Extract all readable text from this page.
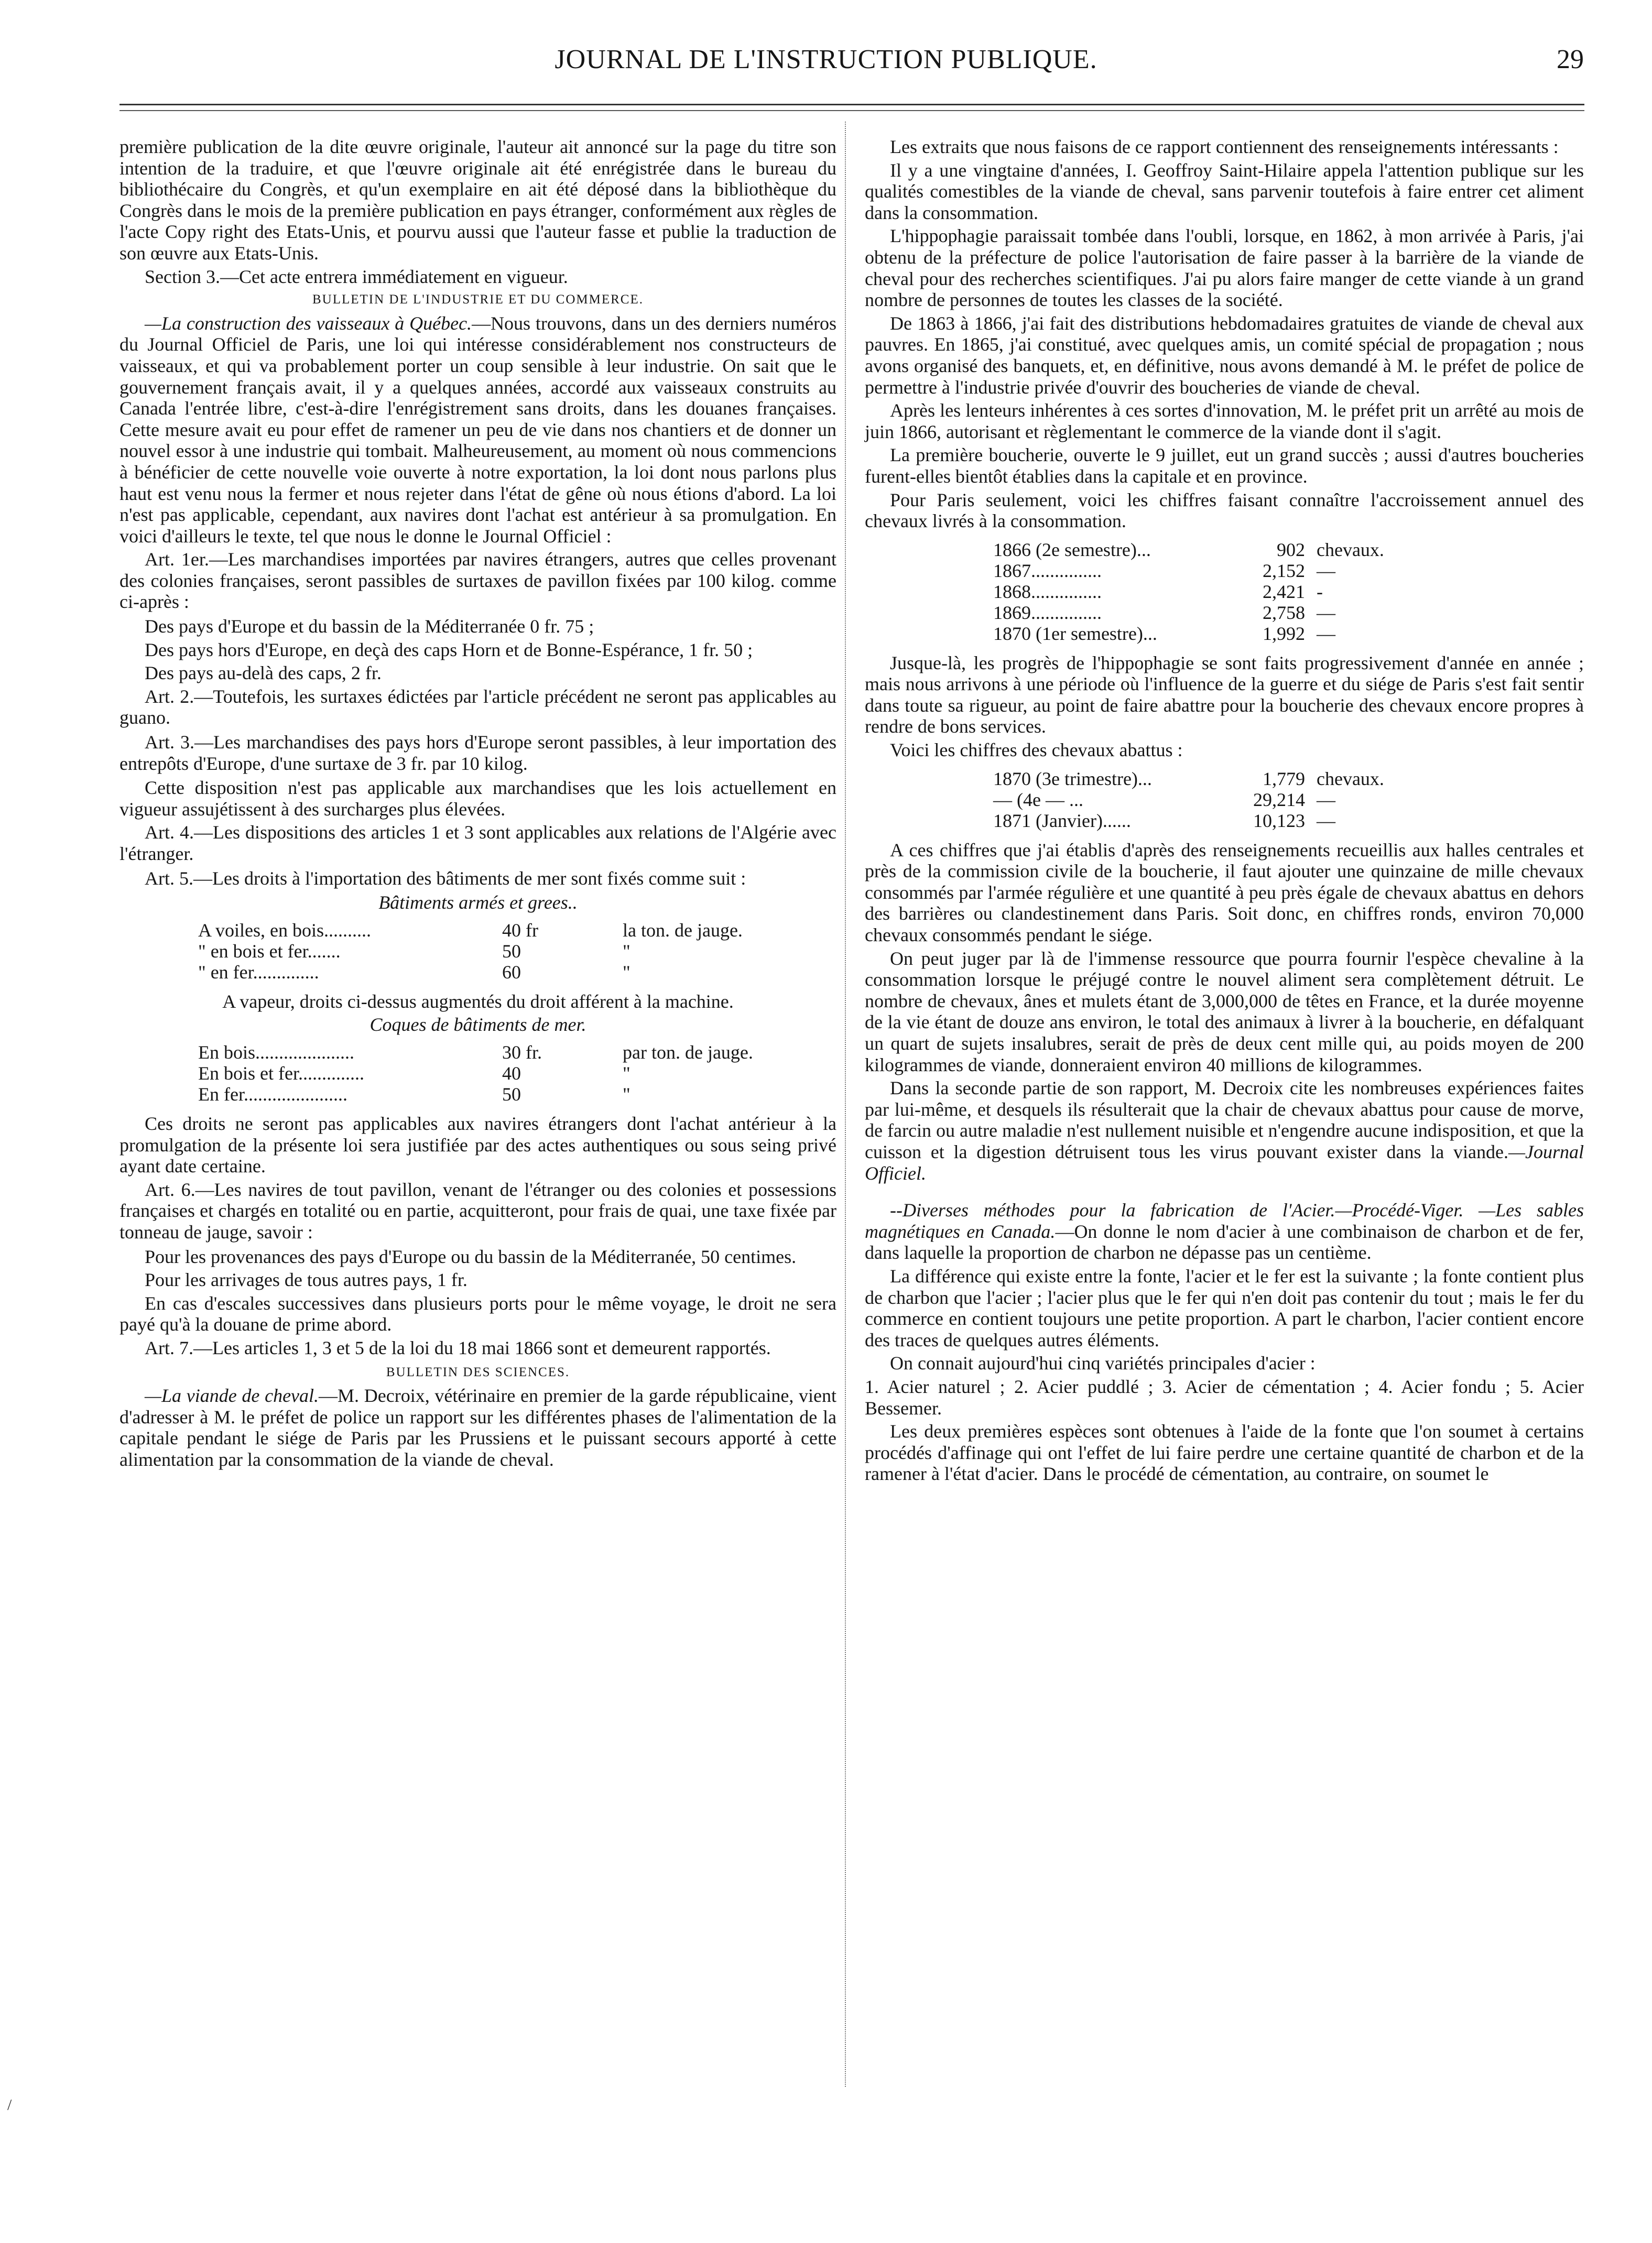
JOURNAL DE L'INSTRUCTION PUBLIQUE.	29

première publication de la dite œuvre originale, l'auteur ait annoncé sur la page du titre son intention de la traduire, et que l'œuvre originale ait été enrégistrée dans le bureau du bibliothécaire du Congrès, et qu'un exemplaire en ait été déposé dans la bibliothèque du Congrès dans le mois de la première publication en pays étranger, conformément aux règles de l'acte Copy right des Etats-Unis, et pourvu aussi que l'auteur fasse et publie la traduction de son œuvre aux Etats-Unis.

Section 3.—Cet acte entrera immédiatement en vigueur.

BULLETIN DE L'INDUSTRIE ET DU COMMERCE.

—La construction des vaisseaux à Québec.—Nous trouvons, dans un des derniers numéros du Journal Officiel de Paris, une loi qui intéresse considérablement nos constructeurs de vaisseaux, et qui va probablement porter un coup sensible à leur industrie. On sait que le gouvernement français avait, il y a quelques années, accordé aux vaisseaux construits au Canada l'entrée libre, c'est-à-dire l'enrégistrement sans droits, dans les douanes françaises. Cette mesure avait eu pour effet de ramener un peu de vie dans nos chantiers et de donner un nouvel essor à une industrie qui tombait. Malheureusement, au moment où nous commencions à bénéficier de cette nouvelle voie ouverte à notre exportation, la loi dont nous parlons plus haut est venu nous la fermer et nous rejeter dans l'état de gêne où nous étions d'abord. La loi n'est pas applicable, cependant, aux navires dont l'achat est antérieur à sa promulgation. En voici d'ailleurs le texte, tel que nous le donne le Journal Officiel :

Art. 1er.—Les marchandises importées par navires étrangers, autres que celles provenant des colonies françaises, seront passibles de surtaxes de pavillon fixées par 100 kilog. comme ci-après :

Des pays d'Europe et du bassin de la Méditerranée 0 fr. 75 ;

Des pays hors d'Europe, en deçà des caps Horn et de Bonne-Espérance, 1 fr. 50 ;

Des pays au-delà des caps, 2 fr.

Art. 2.—Toutefois, les surtaxes édictées par l'article précédent ne seront pas applicables au guano.

Art. 3.—Les marchandises des pays hors d'Europe seront passibles, à leur importation des entrepôts d'Europe, d'une surtaxe de 3 fr. par 10 kilog.

Cette disposition n'est pas applicable aux marchandises que les lois actuellement en vigueur assujétissent à des surcharges plus élevées.

Art. 4.—Les dispositions des articles 1 et 3 sont applicables aux relations de l'Algérie avec l'étranger.

Art. 5.—Les droits à l'importation des bâtiments de mer sont fixés comme suit :

Bâtiments armés et grees..

A voiles, en bois..........	40 fr	la ton. de jauge.
" en bois et fer.......	50	"
" en fer..............	60	"

A vapeur, droits ci-dessus augmentés du droit afférent à la machine.

Coques de bâtiments de mer.

En bois.....................	30 fr.	par ton. de jauge.
En bois et fer..............	40	"
En fer......................	50	"

Ces droits ne seront pas applicables aux navires étrangers dont l'achat antérieur à la promulgation de la présente loi sera justifiée par des actes authentiques ou sous seing privé ayant date certaine.

Art. 6.—Les navires de tout pavillon, venant de l'étranger ou des colonies et possessions françaises et chargés en totalité ou en partie, acquitteront, pour frais de quai, une taxe fixée par tonneau de jauge, savoir :

Pour les provenances des pays d'Europe ou du bassin de la Méditerranée, 50 centimes.

Pour les arrivages de tous autres pays, 1 fr.

En cas d'escales successives dans plusieurs ports pour le même voyage, le droit ne sera payé qu'à la douane de prime abord.

Art. 7.—Les articles 1, 3 et 5 de la loi du 18 mai 1866 sont et demeurent rapportés.

BULLETIN DES SCIENCES.

—La viande de cheval.—M. Decroix, vétérinaire en premier de la garde républicaine, vient d'adresser à M. le préfet de police un rapport sur les différentes phases de l'alimentation de la capitale pendant le siége de Paris par les Prussiens et le puissant secours apporté à cette alimentation par la consommation de la viande de cheval.

Les extraits que nous faisons de ce rapport contiennent des renseignements intéressants :

Il y a une vingtaine d'années, I. Geoffroy Saint-Hilaire appela l'attention publique sur les qualités comestibles de la viande de cheval, sans parvenir toutefois à faire entrer cet aliment dans la consommation.

L'hippophagie paraissait tombée dans l'oubli, lorsque, en 1862, à mon arrivée à Paris, j'ai obtenu de la préfecture de police l'autorisation de faire passer à la barrière de la viande de cheval pour des recherches scientifiques. J'ai pu alors faire manger de cette viande à un grand nombre de personnes de toutes les classes de la société.

De 1863 à 1866, j'ai fait des distributions hebdomadaires gratuites de viande de cheval aux pauvres. En 1865, j'ai constitué, avec quelques amis, un comité spécial de propagation ; nous avons organisé des banquets, et, en définitive, nous avons demandé à M. le préfet de police de permettre à l'industrie privée d'ouvrir des boucheries de viande de cheval.

Après les lenteurs inhérentes à ces sortes d'innovation, M. le préfet prit un arrêté au mois de juin 1866, autorisant et règlementant le commerce de la viande dont il s'agit.

La première boucherie, ouverte le 9 juillet, eut un grand succès ; aussi d'autres boucheries furent-elles bientôt établies dans la capitale et en province.

Pour Paris seulement, voici les chiffres faisant connaître l'accroissement annuel des chevaux livrés à la consommation.

1866 (2e semestre)...	902 chevaux.
1867...............	2,152 —
1868...............	2,421 -
1869...............	2,758 —
1870 (1er semestre)...	1,992 —

Jusque-là, les progrès de l'hippophagie se sont faits progressivement d'année en année ; mais nous arrivons à une période où l'influence de la guerre et du siége de Paris s'est fait sentir dans toute sa rigueur, au point de faire abattre pour la boucherie des chevaux encore propres à rendre de bons services.

Voici les chiffres des chevaux abattus :

1870 (3e trimestre)...	1,779 chevaux.
— (4e — ...	29,214 —
1871 (Janvier)......	10,123 —

A ces chiffres que j'ai établis d'après des renseignements recueillis aux halles centrales et près de la commission civile de la boucherie, il faut ajouter une quinzaine de mille chevaux consommés par l'armée régulière et une quantité à peu près égale de chevaux abattus en dehors des barrières ou clandestinement dans Paris. Soit donc, en chiffres ronds, environ 70,000 chevaux consommés pendant le siége.

On peut juger par là de l'immense ressource que pourra fournir l'espèce chevaline à la consommation lorsque le préjugé contre le nouvel aliment sera complètement détruit. Le nombre de chevaux, ânes et mulets étant de 3,000,000 de têtes en France, et la durée moyenne de la vie étant de douze ans environ, le total des animaux à livrer à la boucherie, en défalquant un quart de sujets insalubres, serait de près de deux cent mille qui, au poids moyen de 200 kilogrammes de viande, donneraient environ 40 millions de kilogrammes.

Dans la seconde partie de son rapport, M. Decroix cite les nombreuses expériences faites par lui-même, et desquels ils résulterait que la chair de chevaux abattus pour cause de morve, de farcin ou autre maladie n'est nullement nuisible et n'engendre aucune indisposition, et que la cuisson et la digestion détruisent tous les virus pouvant exister dans la viande.—Journal Officiel.

--Diverses méthodes pour la fabrication de l'Acier.—Procédé-Viger. —Les sables magnétiques en Canada.—On donne le nom d'acier à une combinaison de charbon et de fer, dans laquelle la proportion de charbon ne dépasse pas un centième.

La différence qui existe entre la fonte, l'acier et le fer est la suivante ; la fonte contient plus de charbon que l'acier ; l'acier plus que le fer qui n'en doit pas contenir du tout ; mais le fer du commerce en contient toujours une petite proportion. A part le charbon, l'acier contient encore des traces de quelques autres éléments.

On connait aujourd'hui cinq variétés principales d'acier :

1. Acier naturel ; 2. Acier puddlé ; 3. Acier de cémentation ; 4. Acier fondu ; 5. Acier Bessemer.

Les deux premières espèces sont obtenues à l'aide de la fonte que l'on soumet à certains procédés d'affinage qui ont l'effet de lui faire perdre une certaine quantité de charbon et de la ramener à l'état d'acier. Dans le procédé de cémentation, au contraire, on soumet le

/
